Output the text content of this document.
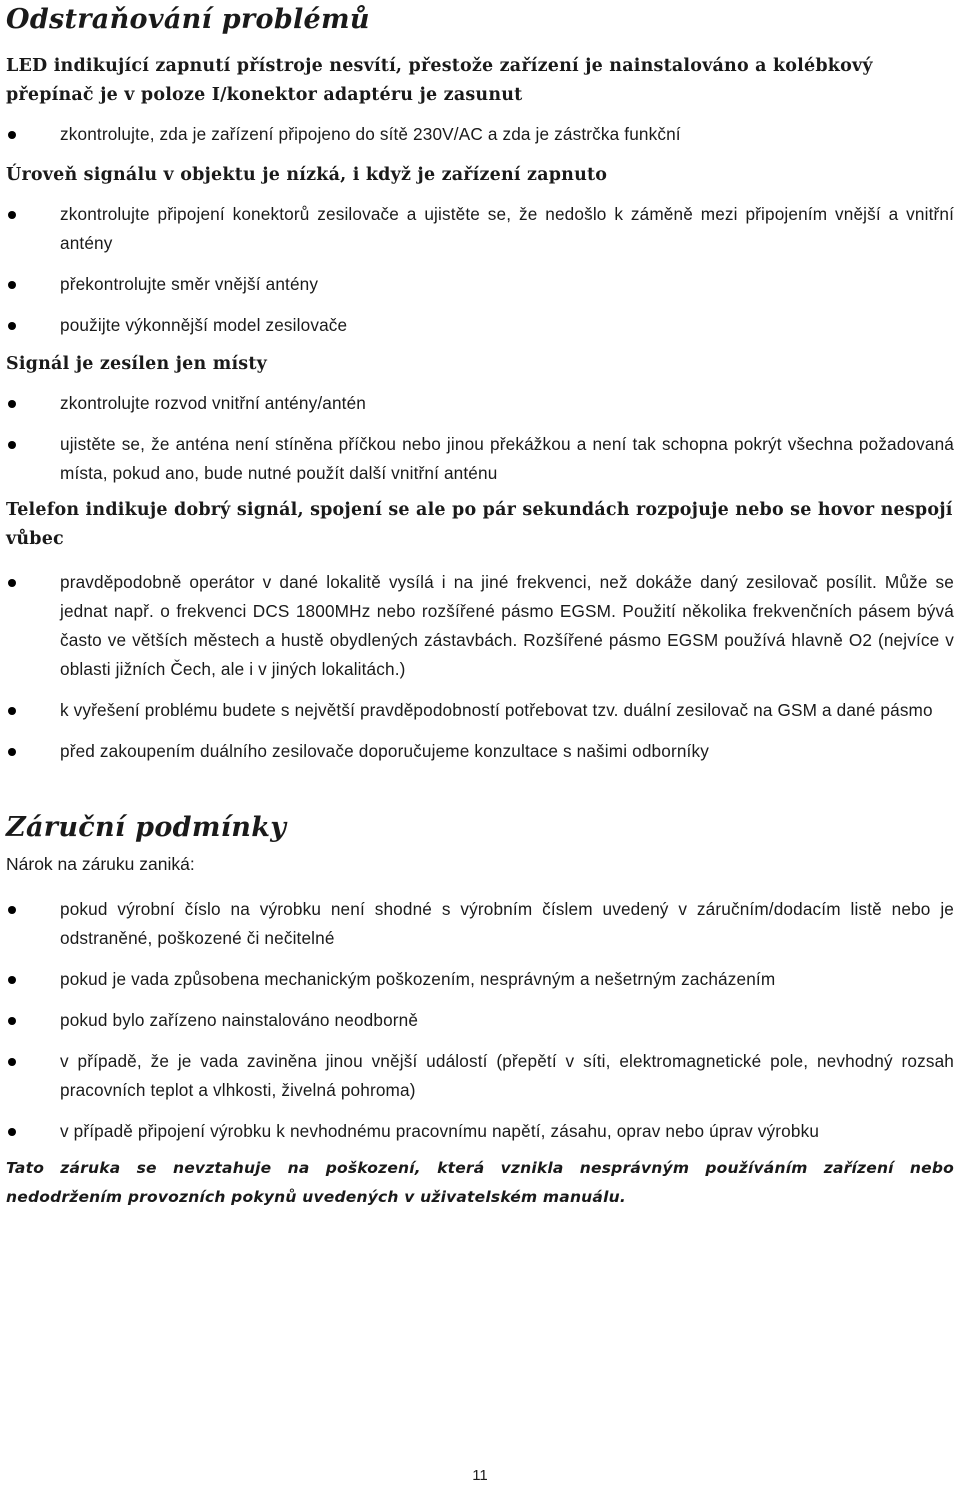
Odstraňování problémů

LED indikující zapnutí přístroje nesvítí, přestože zařízení je nainstalováno a kolébkový přepínač je v poloze I/konektor adaptéru je zasunut

zkontrolujte, zda je zařízení připojeno do sítě 230V/AC a zda je zástrčka funkční

Úroveň signálu v objektu je nízká, i když je zařízení zapnuto

zkontrolujte připojení konektorů zesilovače a ujistěte se, že nedošlo k záměně mezi připojením vnější a vnitřní antény
překontrolujte směr vnější antény
použijte výkonnější model zesilovače

Signál je zesílen jen místy

zkontrolujte rozvod vnitřní antény/antén
ujistěte se, že anténa není stíněna příčkou nebo jinou překážkou a není tak schopna pokrýt všechna požadovaná místa, pokud ano, bude nutné použít další vnitřní anténu

Telefon indikuje dobrý signál, spojení se ale po pár sekundách rozpojuje nebo se hovor nespojí vůbec

pravděpodobně operátor v dané lokalitě vysílá i na jiné frekvenci, než dokáže daný zesilovač posílit. Může se jednat např. o frekvenci DCS 1800MHz nebo rozšířené pásmo EGSM. Použití několika frekvenčních pásem bývá často ve větších městech a hustě obydlených zástavbách. Rozšířené pásmo EGSM používá hlavně O2 (nejvíce v oblasti jižních Čech, ale i v jiných lokalitách.)
k vyřešení problému budete s největší pravděpodobností potřebovat tzv. duální zesilovač na GSM a dané pásmo
před zakoupením duálního zesilovače doporučujeme konzultace s našimi odborníky
Záruční podmínky

Nárok na záruku zaniká:

pokud výrobní číslo na výrobku není shodné s výrobním číslem uvedený v záručním/dodacím listě nebo je odstraněné, poškozené či nečitelné
pokud je vada způsobena mechanickým poškozením, nesprávným a nešetrným zacházením
pokud bylo zařízeno nainstalováno neodborně
v případě, že je vada zaviněna jinou vnější událostí (přepětí v síti, elektromagnetické pole, nevhodný rozsah pracovních teplot a vlhkosti, živelná pohroma)
v případě připojení výrobku k nevhodnému pracovnímu napětí, zásahu, oprav nebo úprav výrobku

Tato záruka se nevztahuje na poškození, která vznikla nesprávným používáním zařízení nebo nedodržením provozních pokynů uvedených v uživatelském manuálu.

11
